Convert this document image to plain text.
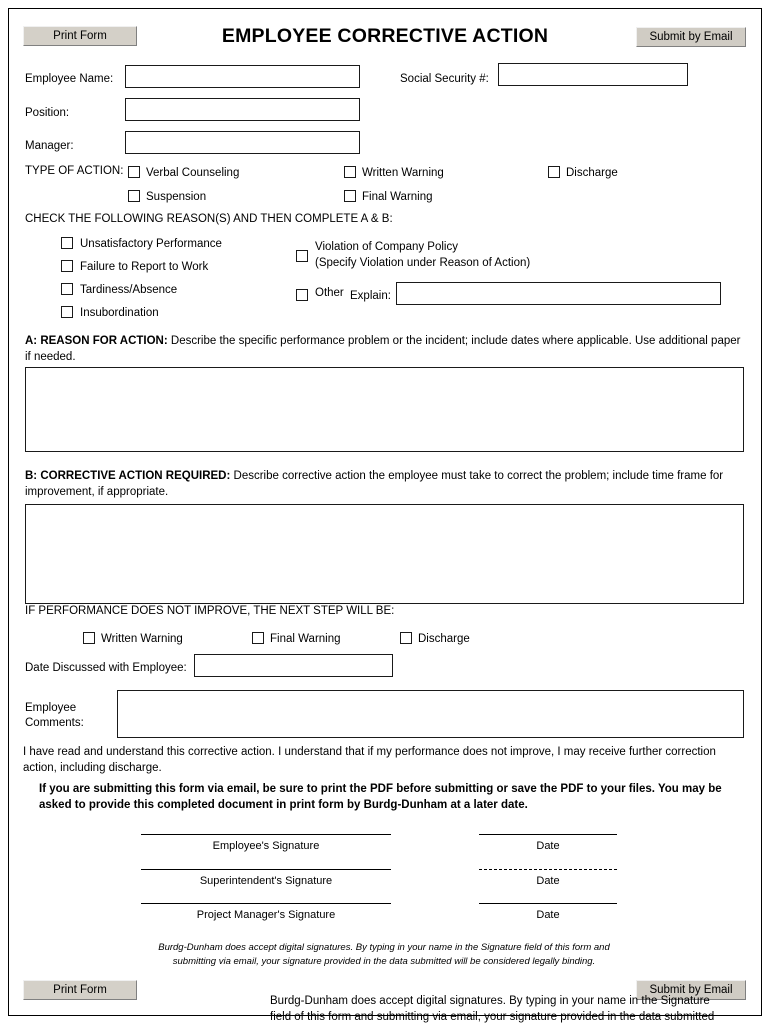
Print Form	EMPLOYEE CORRECTIVE ACTION	Submit by Email
Employee Name:	Social Security #:
Position:
Manager:
TYPE OF ACTION: Verbal Counseling	Written Warning	Discharge
Suspension	Final Warning
CHECK THE FOLLOWING REASON(S) AND THEN COMPLETE A & B:
Unsatisfactory Performance
Failure to Report to Work
Tardiness/Absence
Insubordination
Violation of Company Policy
(Specify Violation under Reason of Action)
Other Explain:
A: REASON FOR ACTION: Describe the specific performance problem or the incident; include dates where applicable. Use additional paper if needed.
B: CORRECTIVE ACTION REQUIRED: Describe corrective action the employee must take to correct the problem; include time frame for improvement, if appropriate.
IF PERFORMANCE DOES NOT IMPROVE, THE NEXT STEP WILL BE:
Written Warning	Final Warning	Discharge
Date Discussed with Employee:
Employee
Comments:
I have read and understand this corrective action. I understand that if my performance does not improve, I may receive further correction action, including discharge.
If you are submitting this form via email, be sure to print the PDF before submitting or save the PDF to your files. You may be asked to provide this completed document in print form by Burdg-Dunham at a later date.
Employee's Signature	Date
Superintendent's Signature	Date
Project Manager's Signature	Date
Burdg-Dunham does accept digital signatures. By typing in your name in the Signature field of this form and
submitting via email, your signature provided in the data submitted will be considered legally binding.
Print Form	Submit by Email
Burdg-Dunham does accept digital signatures. By typing in your name in the Signature
field of this form and submitting via email, your signature provided in the data submitted
